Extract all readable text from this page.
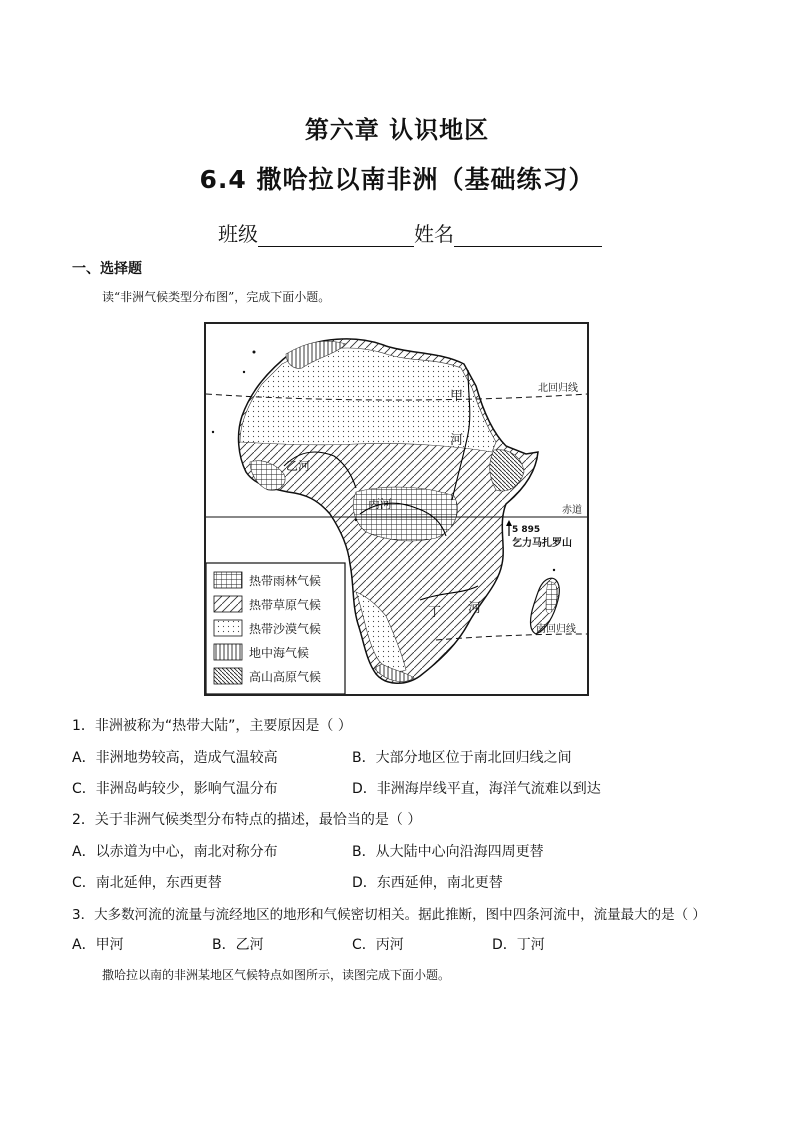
第六章 认识地区
6.4 撒哈拉以南非洲（基础练习）
班级	姓名
一、选择题
读“非洲气候类型分布图”，完成下面小题。
北回归线
赤道
南回归线
甲
河
乙河
丙河
丁 河
5 895
乞力马扎罗山
热带雨林气候
热带草原气候
热带沙漠气候
地中海气候
高山高原气候
1．非洲被称为“热带大陆”，主要原因是（ ）
A．非洲地势较高，造成气温较高	B．大部分地区位于南北回归线之间
C．非洲岛屿较少，影响气温分布	D．非洲海岸线平直，海洋气流难以到达
2．关于非洲气候类型分布特点的描述，最恰当的是（ ）
A．以赤道为中心，南北对称分布	B．从大陆中心向沿海四周更替
C．南北延伸，东西更替	D．东西延伸，南北更替
3．大多数河流的流量与流经地区的地形和气候密切相关。据此推断，图中四条河流中，流量最大的是（ ）
A．甲河	B．乙河	C．丙河	D．丁河
撒哈拉以南的非洲某地区气候特点如图所示，读图完成下面小题。
